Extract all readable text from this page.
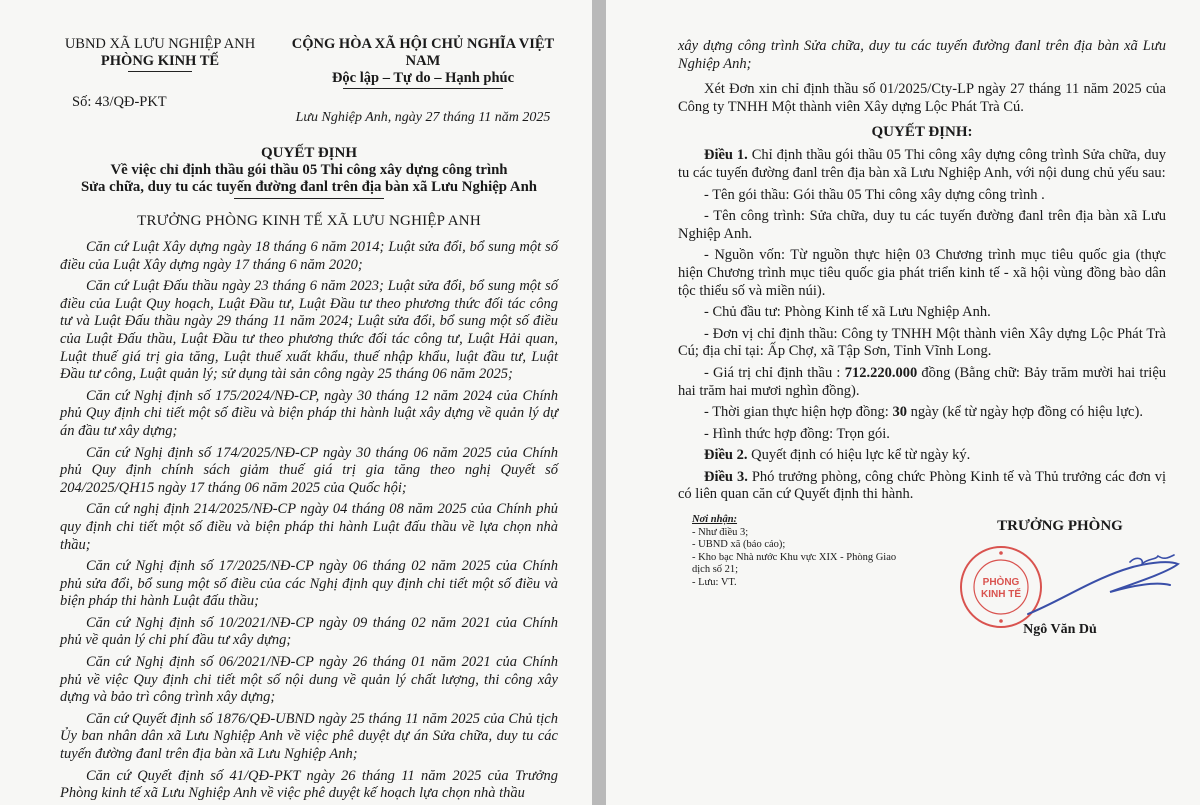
UBND XÃ LƯU NGHIỆP ANH
PHÒNG KINH TẾ
Số: 43/QĐ-PKT
CỘNG HÒA XÃ HỘI CHỦ NGHĨA VIỆT NAM
Độc lập – Tự do – Hạnh phúc
Lưu Nghiệp Anh, ngày 27 tháng 11 năm 2025
QUYẾT ĐỊNH
Về việc chỉ định thầu gói thầu 05 Thi công xây dựng công trình
Sửa chữa, duy tu các tuyến đường đanl trên địa bàn xã Lưu Nghiệp Anh
TRƯỞNG PHÒNG KINH TẾ XÃ LƯU NGHIỆP ANH

Căn cứ Luật Xây dựng ngày 18 tháng 6 năm 2014; Luật sửa đổi, bổ sung một số điều của Luật Xây dựng ngày 17 tháng 6 năm 2020;

Căn cứ Luật Đấu thầu ngày 23 tháng 6 năm 2023; Luật sửa đổi, bổ sung một số điều của Luật Quy hoạch, Luật Đầu tư, Luật Đầu tư theo phương thức đối tác công tư và Luật Đấu thầu ngày 29 tháng 11 năm 2024; Luật sửa đổi, bổ sung một số điều của Luật Đấu thầu, Luật Đầu tư theo phương thức đối tác công tư, Luật Hải quan, Luật thuế giá trị gia tăng, Luật thuế xuất khẩu, thuế nhập khẩu, luật đầu tư, Luật Đầu tư công, Luật quản lý; sử dụng tài sản công ngày 25 tháng 06 năm 2025;

Căn cứ Nghị định số 175/2024/NĐ-CP, ngày 30 tháng 12 năm 2024 của Chính phủ Quy định chi tiết một số điều và biện pháp thi hành luật xây dựng về quản lý dự án đầu tư xây dựng;

Căn cứ Nghị định số 174/2025/NĐ-CP ngày 30 tháng 06 năm 2025 của Chính phủ Quy định chính sách giảm thuế giá trị gia tăng theo nghị Quyết số 204/2025/QH15 ngày 17 tháng 06 năm 2025 của Quốc hội;

Căn cứ nghị định 214/2025/NĐ-CP ngày 04 tháng 08 năm 2025 của Chính phủ quy định chi tiết một số điều và biện pháp thi hành Luật đấu thầu về lựa chọn nhà thầu;

Căn cứ Nghị định số 17/2025/NĐ-CP ngày 06 tháng 02 năm 2025 của Chính phủ sửa đổi, bổ sung một số điều của các Nghị định quy định chi tiết một số điều và biện pháp thi hành Luật đấu thầu;

Căn cứ Nghị định số 10/2021/NĐ-CP ngày 09 tháng 02 năm 2021 của Chính phủ về quản lý chi phí đầu tư xây dựng;

Căn cứ Nghị định số 06/2021/NĐ-CP ngày 26 tháng 01 năm 2021 của Chính phủ về việc Quy định chi tiết một số nội dung về quản lý chất lượng, thi công xây dựng và bảo trì công trình xây dựng;

Căn cứ Quyết định số 1876/QĐ-UBND ngày 25 tháng 11 năm 2025 của Chủ tịch Ủy ban nhân dân xã Lưu Nghiệp Anh về việc phê duyệt dự án Sửa chữa, duy tu các tuyến đường đanl trên địa bàn xã Lưu Nghiệp Anh;

Căn cứ Quyết định số 41/QĐ-PKT ngày 26 tháng 11 năm 2025 của Trưởng Phòng kinh tế xã Lưu Nghiệp Anh về việc phê duyệt kế hoạch lựa chọn nhà thầu

xây dựng công trình Sửa chữa, duy tu các tuyến đường đanl trên địa bàn xã Lưu Nghiệp Anh;

Xét Đơn xin chỉ định thầu số 01/2025/Cty-LP ngày 27 tháng 11 năm 2025 của Công ty TNHH Một thành viên Xây dựng Lộc Phát Trà Cú.

QUYẾT ĐỊNH:

Điều 1. Chỉ định thầu gói thầu 05 Thi công xây dựng công trình Sửa chữa, duy tu các tuyến đường đanl trên địa bàn xã Lưu Nghiệp Anh, với nội dung chủ yếu sau:

- Tên gói thầu: Gói thầu 05 Thi công xây dựng công trình .

- Tên công trình: Sửa chữa, duy tu các tuyến đường đanl trên địa bàn xã Lưu Nghiệp Anh.

- Nguồn vốn: Từ nguồn thực hiện 03 Chương trình mục tiêu quốc gia (thực hiện Chương trình mục tiêu quốc gia phát triển kinh tế - xã hội vùng đồng bào dân tộc thiểu số và miền núi).

- Chủ đầu tư: Phòng Kinh tế xã Lưu Nghiệp Anh.

- Đơn vị chỉ định thầu: Công ty TNHH Một thành viên Xây dựng Lộc Phát Trà Cú; địa chỉ tại: Ấp Chợ, xã Tập Sơn, Tỉnh Vĩnh Long.

- Giá trị chỉ định thầu : 712.220.000 đồng (Bằng chữ: Bảy trăm mười hai triệu hai trăm hai mươi nghìn đồng).

- Thời gian thực hiện hợp đồng: 30 ngày (kể từ ngày hợp đồng có hiệu lực).

- Hình thức hợp đồng: Trọn gói.

Điều 2. Quyết định có hiệu lực kể từ ngày ký.

Điều 3. Phó trưởng phòng, công chức Phòng Kinh tế và Thủ trưởng các đơn vị có liên quan căn cứ Quyết định thi hành.

Nơi nhận:
- Như điều 3;
- UBND xã (báo cáo);
- Kho bạc Nhà nước Khu vực XIX - Phòng Giao dịch số 21;
- Lưu: VT.	PHÒNG
KINH TẾ
TRƯỞNG PHÒNG
Ngô Văn Dủ
